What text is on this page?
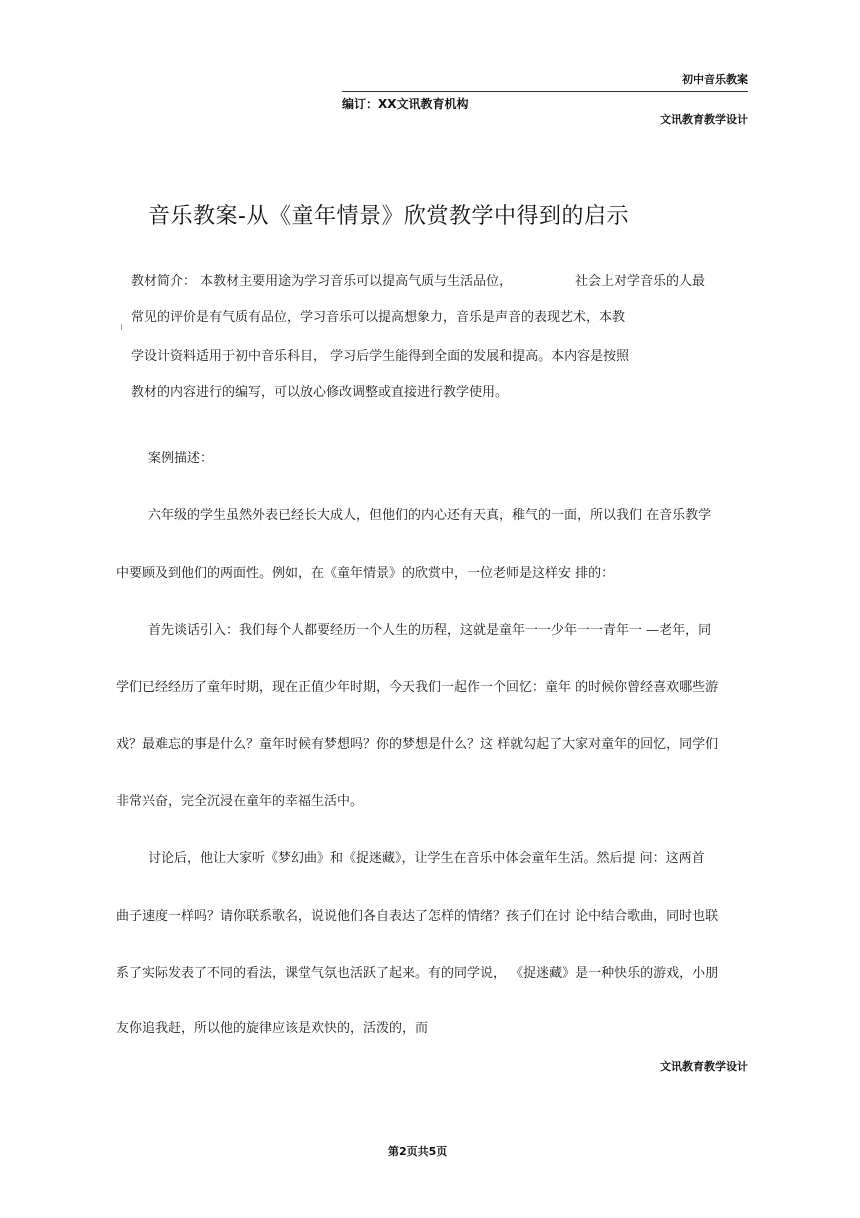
初中音乐教案
编订：XX文讯教育机构
文讯教育教学设计
音乐教案-从《童年情景》欣赏教学中得到的启示
教材简介： 本教材主要用途为学习音乐可以提高气质与生活品位，	社会上对学音乐的人最
常见的评价是有气质有品位，学习音乐可以提高想象力，音乐是声音的表现艺术，本教
学设计资料适用于初中音乐科目， 学习后学生能得到全面的发展和提高。本内容是按照
教材的内容进行的编写，可以放心修改调整或直接进行教学使用。
案例描述：
六年级的学生虽然外表已经长大成人，但他们的内心还有天真，稚气的一面，所以我们 在音乐教学
中要顾及到他们的两面性。例如，在《童年情景》的欣赏中，一位老师是这样安 排的：
首先谈话引入：我们每个人都要经历一个人生的历程，这就是童年一一少年一一青年一 —老年，同
学们已经经历了童年时期，现在正值少年时期，今天我们一起作一个回忆：童年 的时候你曾经喜欢哪些游
戏？最难忘的事是什么？童年时候有梦想吗？你的梦想是什么？这 样就勾起了大家对童年的回忆，同学们
非常兴奋，完全沉浸在童年的幸福生活中。
讨论后，他让大家听《梦幻曲》和《捉迷藏》，让学生在音乐中体会童年生活。然后提 问：这两首
曲子速度一样吗？请你联系歌名，说说他们各自表达了怎样的情绪？孩子们在讨 论中结合歌曲，同时也联
系了实际发表了不同的看法，课堂气氛也活跃了起来。有的同学说， 《捉迷藏》是一种快乐的游戏，小朋
友你追我赶，所以他的旋律应该是欢快的，活泼的，而
文讯教育教学设计
第2页共5页
